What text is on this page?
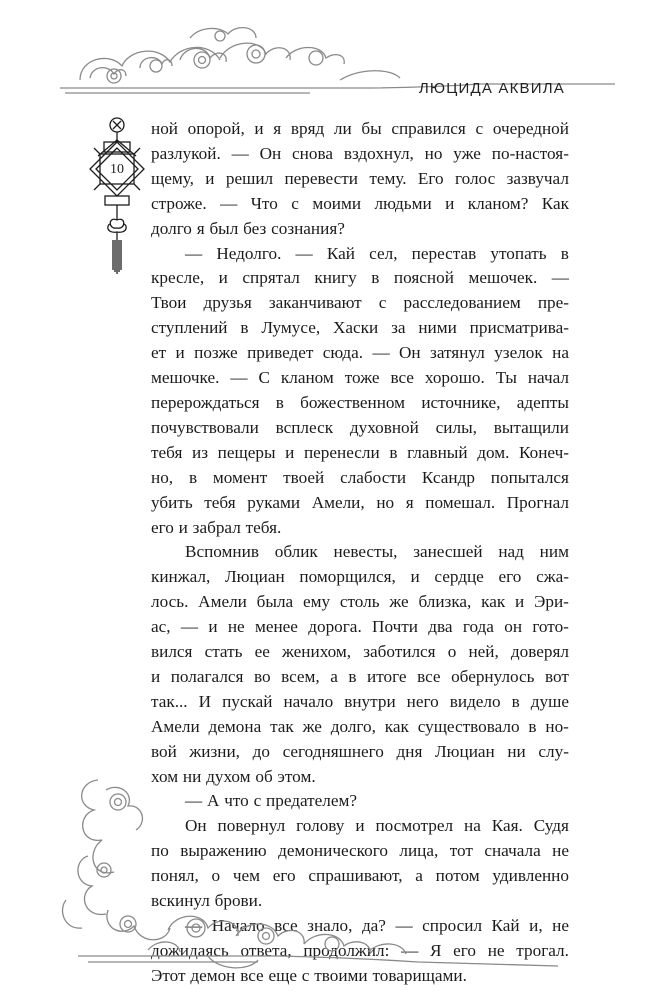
ЛЮЦИДА АКВИЛА
10
ной опорой, и я вряд ли бы справился с очередной
разлукой. — Он снова вздохнул, но уже по-настоя-
щему, и решил перевести тему. Его голос зазвучал
строже. — Что с моими людьми и кланом? Как
долго я был без сознания?
— Недолго. — Кай сел, перестав утопать в
кресле, и спрятал книгу в поясной мешочек. —
Твои друзья заканчивают с расследованием пре-
ступлений в Лумусе, Хаски за ними присматрива-
ет и позже приведет сюда. — Он затянул узелок на
мешочке. — С кланом тоже все хорошо. Ты начал
перерождаться в божественном источнике, адепты
почувствовали всплеск духовной силы, вытащили
тебя из пещеры и перенесли в главный дом. Конеч-
но, в момент твоей слабости Ксандр попытался
убить тебя руками Амели, но я помешал. Прогнал
его и забрал тебя.
Вспомнив облик невесты, занесшей над ним
кинжал, Люциан поморщился, и сердце его сжа-
лось. Амели была ему столь же близка, как и Эри-
ас, — и не менее дорога. Почти два года он гото-
вился стать ее женихом, заботился о ней, доверял
и полагался во всем, а в итоге все обернулось вот
так... И пускай начало внутри него видело в душе
Амели демона так же долго, как существовало в но-
вой жизни, до сегодняшнего дня Люциан ни слу-
хом ни духом об этом.
— А что с предателем?
Он повернул голову и посмотрел на Кая. Судя
по выражению демонического лица, тот сначала не
понял, о чем его спрашивают, а потом удивленно
вскинул брови.
— Начало все знало, да? — спросил Кай и, не
дожидаясь ответа, продолжил: — Я его не трогал.
Этот демон все еще с твоими товарищами.
